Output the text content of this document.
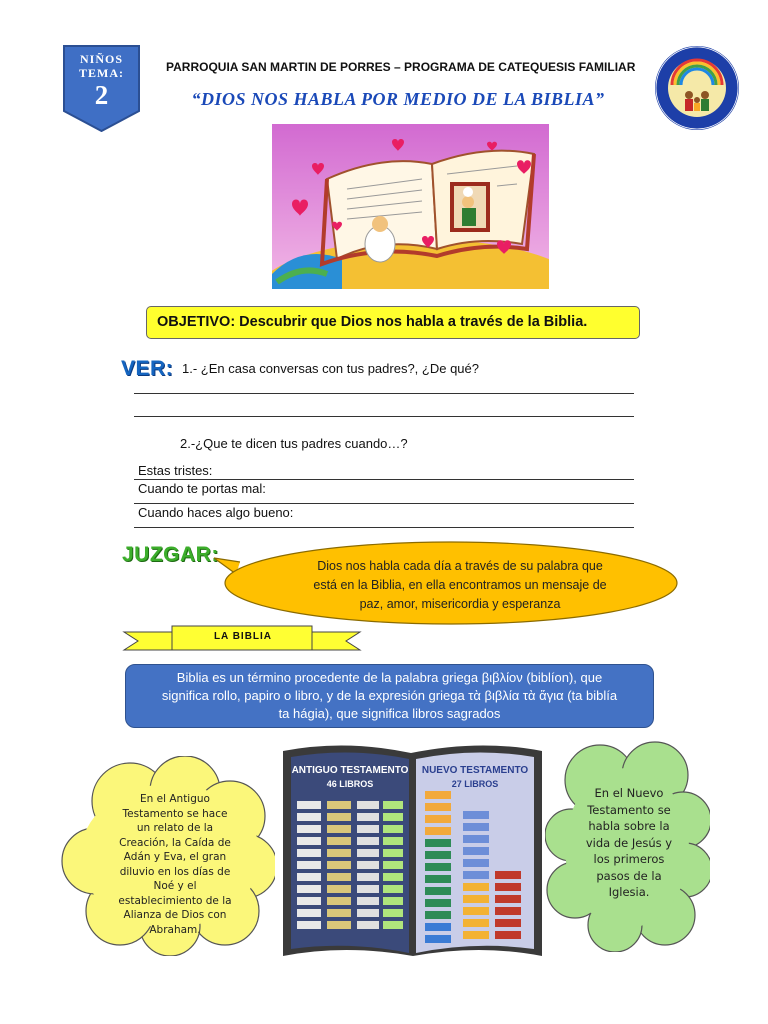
NIÑOS
TEMA:
2
PARROQUIA SAN MARTIN DE PORRES – PROGRAMA DE CATEQUESIS FAMILIAR
“DIOS NOS HABLA POR MEDIO DE LA BIBLIA”
OBJETIVO: Descubrir que Dios nos habla a través de la Biblia.
VER: 1.- ¿En casa conversas con tus padres?, ¿De qué?
2.-¿Que te dicen tus padres cuando…?
Estas tristes:
Cuando te portas mal:
Cuando haces algo bueno:
JUZGAR:	Dios nos habla cada día a través de su palabra que
está en la Biblia, en ella encontramos un mensaje de
paz, amor, misericordia y esperanza
LA BIBLIA
Biblia es un término procedente de la palabra griega βιβλίον (biblíon), que
significa rollo, papiro o libro, y de la expresión griega τὰ βιβλία τὰ ἅγια (ta biblía
ta hágia), que significa libros sagrados
En el Antiguo
Testamento se hace
un relato de la
Creación, la Caída de
Adán y Eva, el gran
diluvio en los días de
Noé y el
establecimiento de la
Alianza de Dios con
Abraham.
ANTIGUO TESTAMENTO
46 LIBROS
NUEVO TESTAMENTO
27 LIBROS
En el Nuevo
Testamento se
habla sobre la
vida de Jesús y
los primeros
pasos de la
Iglesia.
